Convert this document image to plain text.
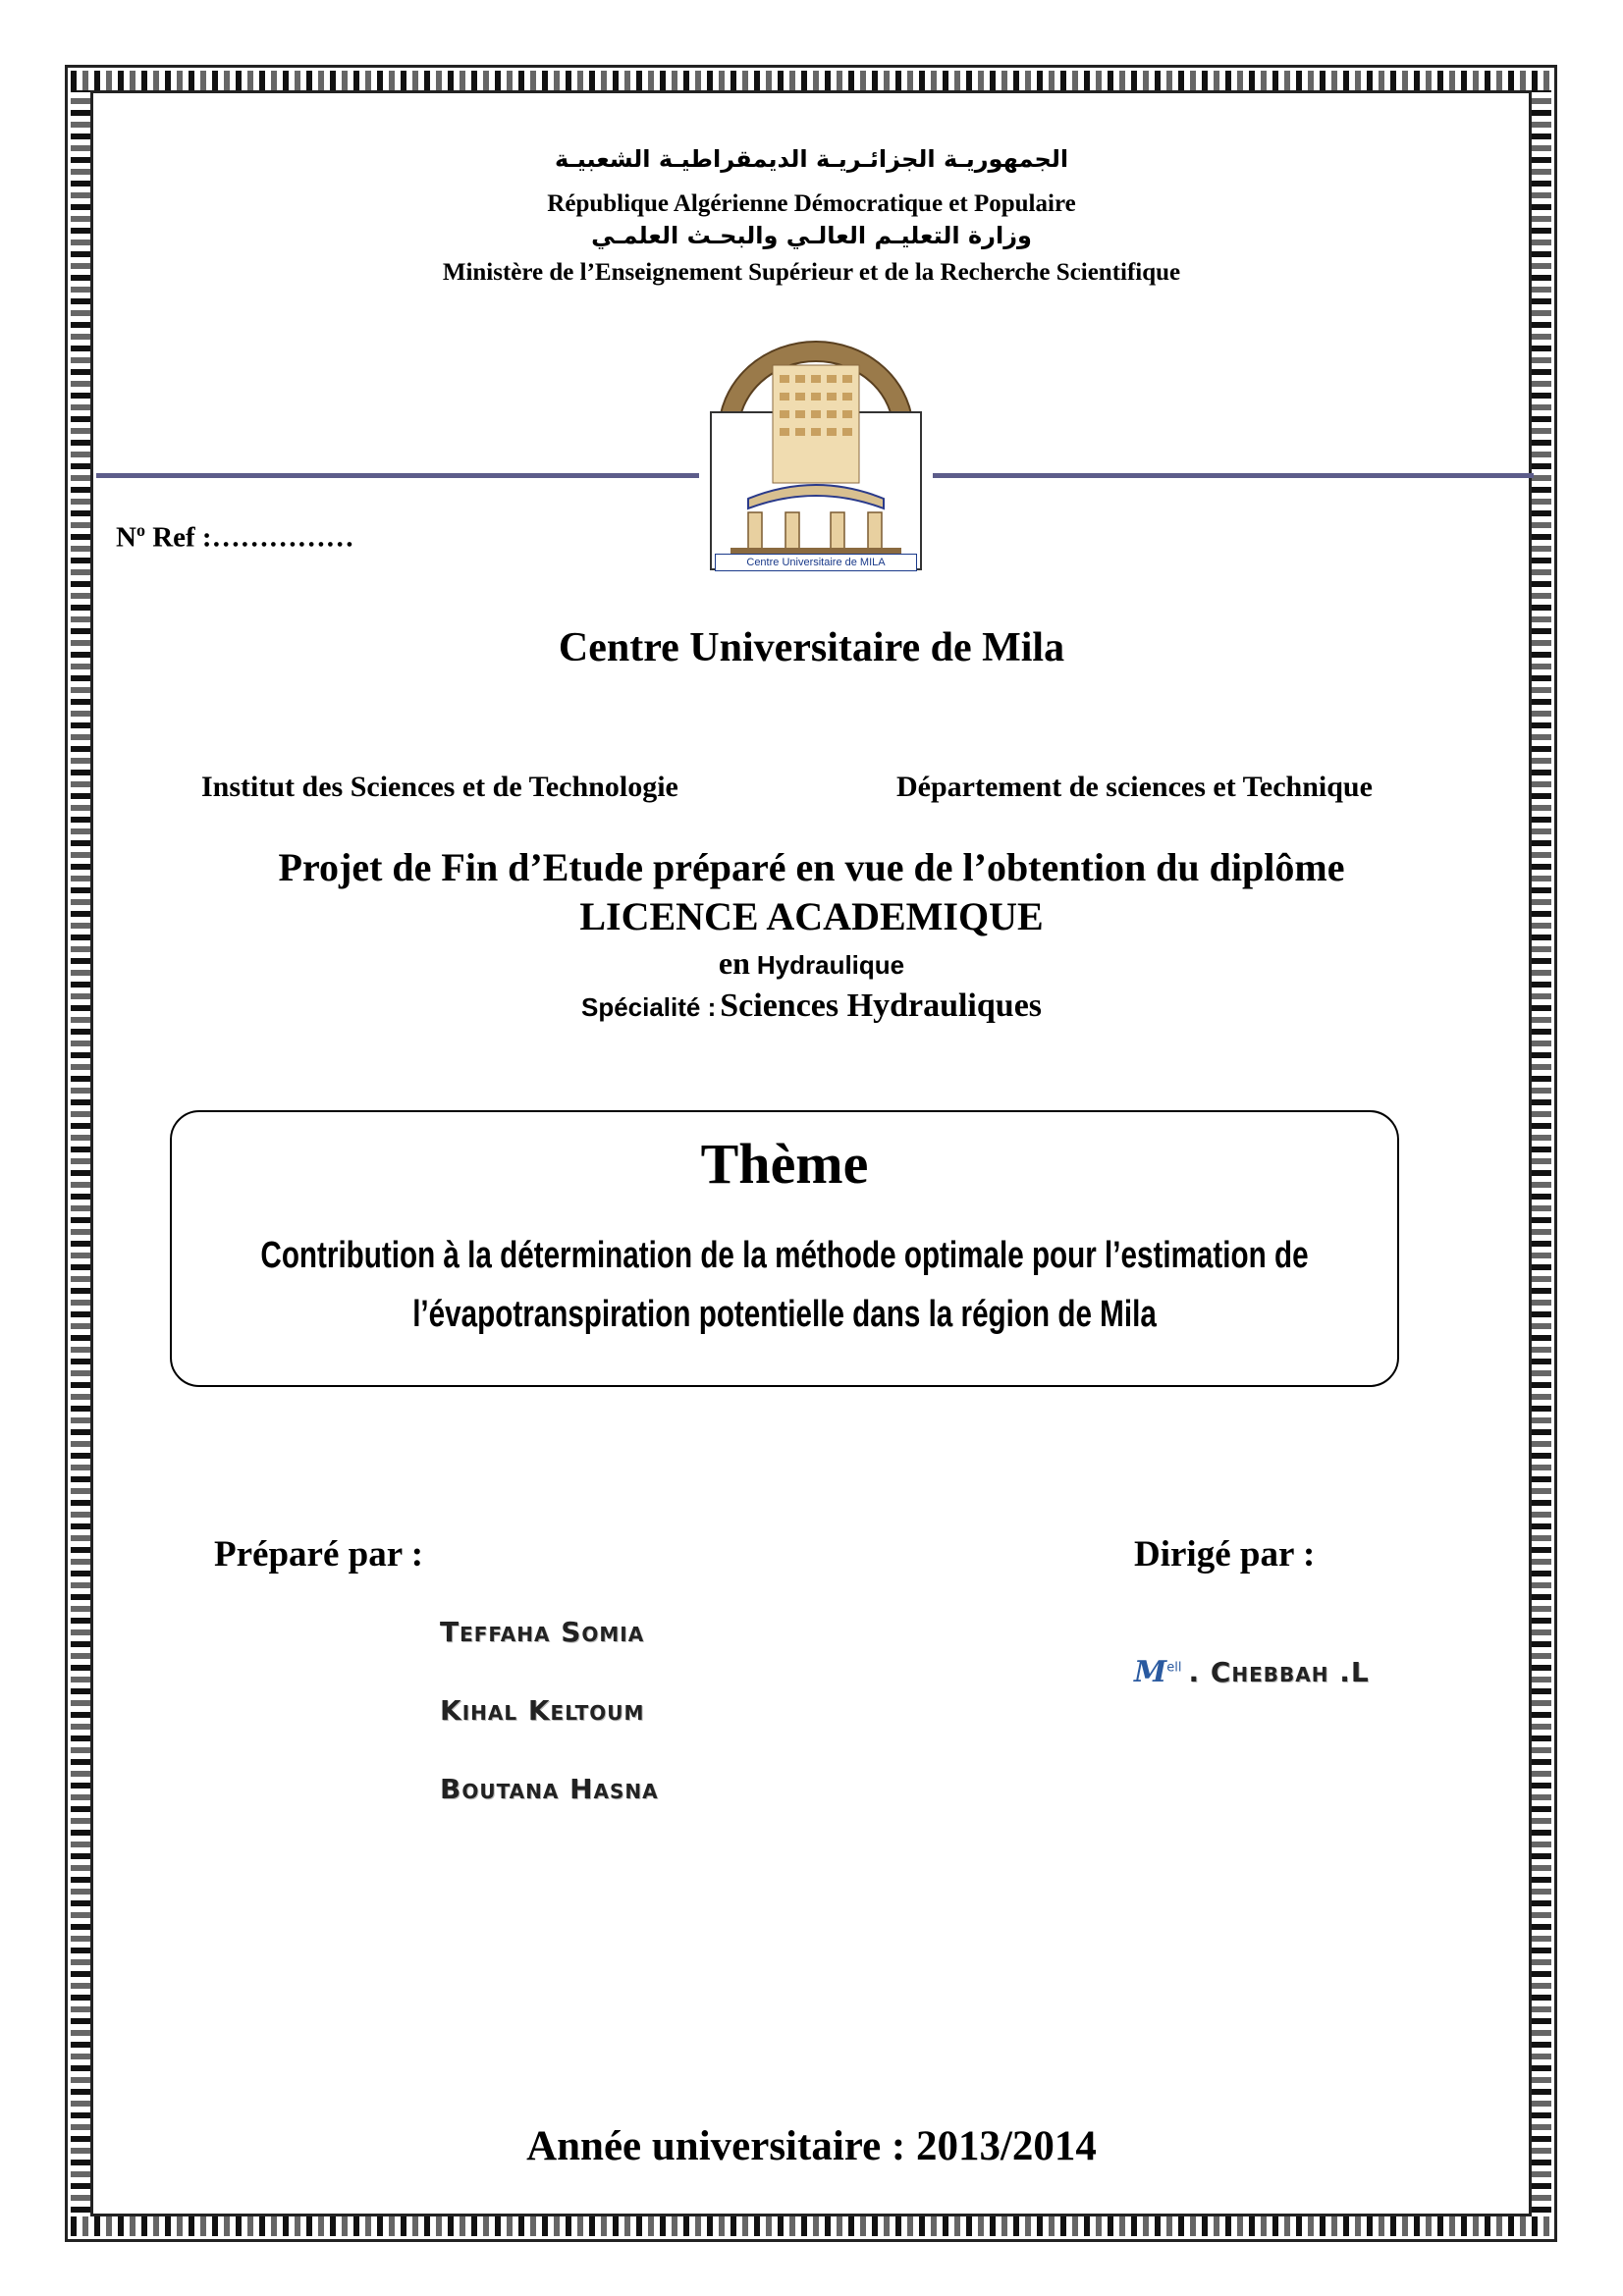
الجمهوريـة الجزائـريـة الديمقراطيـة الشعبيـة
République Algérienne Démocratique et Populaire
وزارة التعليـم العالـي والبحـث العلمـي
Ministère de l’Enseignement Supérieur et de la Recherche Scientifique
Centre Universitaire de MILA
$N^o$ Ref :……………
Centre Universitaire de Mila
Institut des Sciences et de Technologie	Département de sciences et Technique
Projet de Fin d’Etude préparé en vue de l’obtention du diplôme
LICENCE ACADEMIQUE
en Hydraulique
Spécialité : Sciences Hydrauliques
Thème
Contribution à la détermination de la méthode optimale pour l’estimation de
l’évapotranspiration potentielle dans la région de Mila
Préparé par :
Teffaha Somia
Kihal Keltoum
Boutana Hasna
Dirigé par :
$M^{ell}$ . Chebbah .L
Année universitaire : 2013/2014
